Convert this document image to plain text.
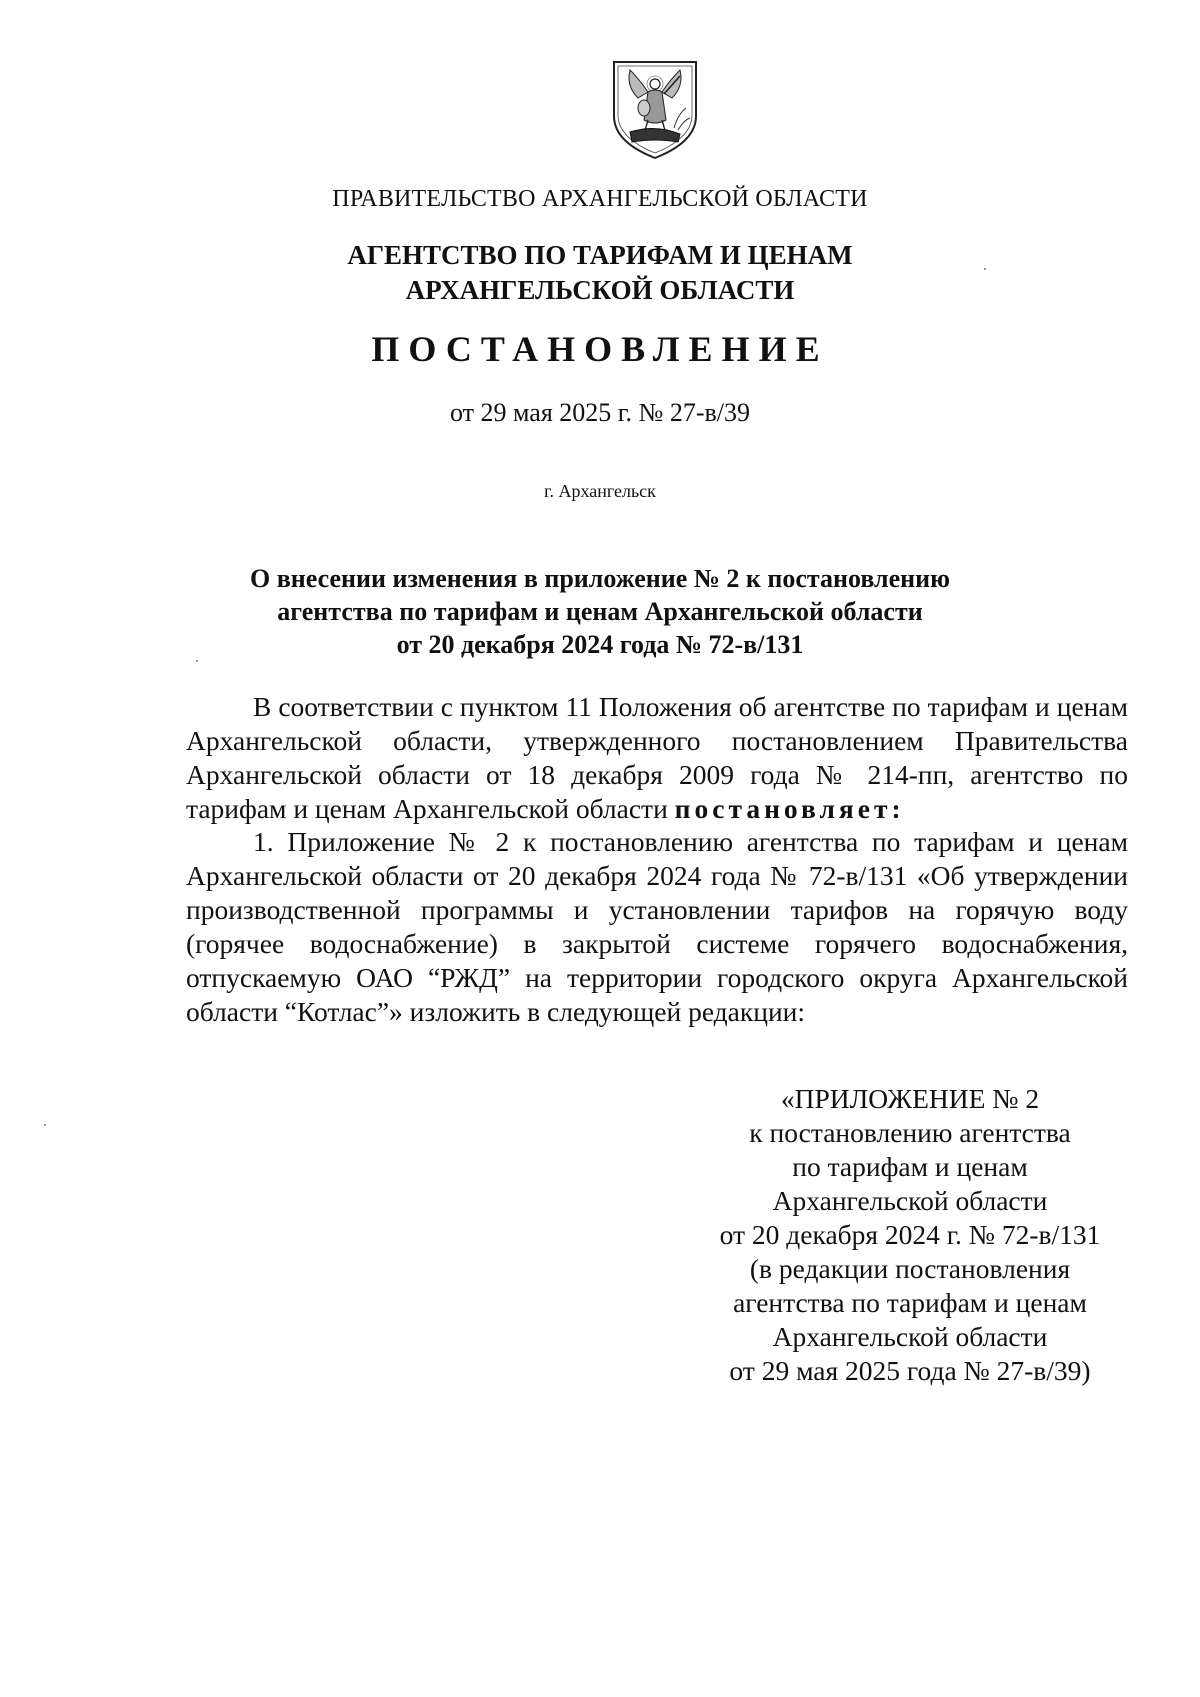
ПРАВИТЕЛЬСТВО АРХАНГЕЛЬСКОЙ ОБЛАСТИ
АГЕНТСТВО ПО ТАРИФАМ И ЦЕНАМ
АРХАНГЕЛЬСКОЙ ОБЛАСТИ
ПОСТАНОВЛЕНИЕ
от 29 мая 2025 г. № 27-в/39
г. Архангельск
О внесении изменения в приложение № 2 к постановлению
агентства по тарифам и ценам Архангельской области
от 20 декабря 2024 года № 72-в/131
В соответствии с пунктом 11 Положения об агентстве по тарифам и ценам Архангельской области, утвержденного постановлением Правительства Архангельской области от 18 декабря 2009 года № 214-пп, агентство по тарифам и ценам Архангельской области постановляет:
1. Приложение № 2 к постановлению агентства по тарифам и ценам Архангельской области от 20 декабря 2024 года № 72-в/131 «Об утверждении производственной программы и установлении тарифов на горячую воду (горячее водоснабжение) в закрытой системе горячего водоснабжения, отпускаемую ОАО “РЖД” на территории городского округа Архангельской области “Котлас”» изложить в следующей редакции:
«ПРИЛОЖЕНИЕ № 2
к постановлению агентства
по тарифам и ценам
Архангельской области
от 20 декабря 2024 г. № 72-в/131
(в редакции постановления
агентства по тарифам и ценам
Архангельской области
от 29 мая 2025 года № 27-в/39)
